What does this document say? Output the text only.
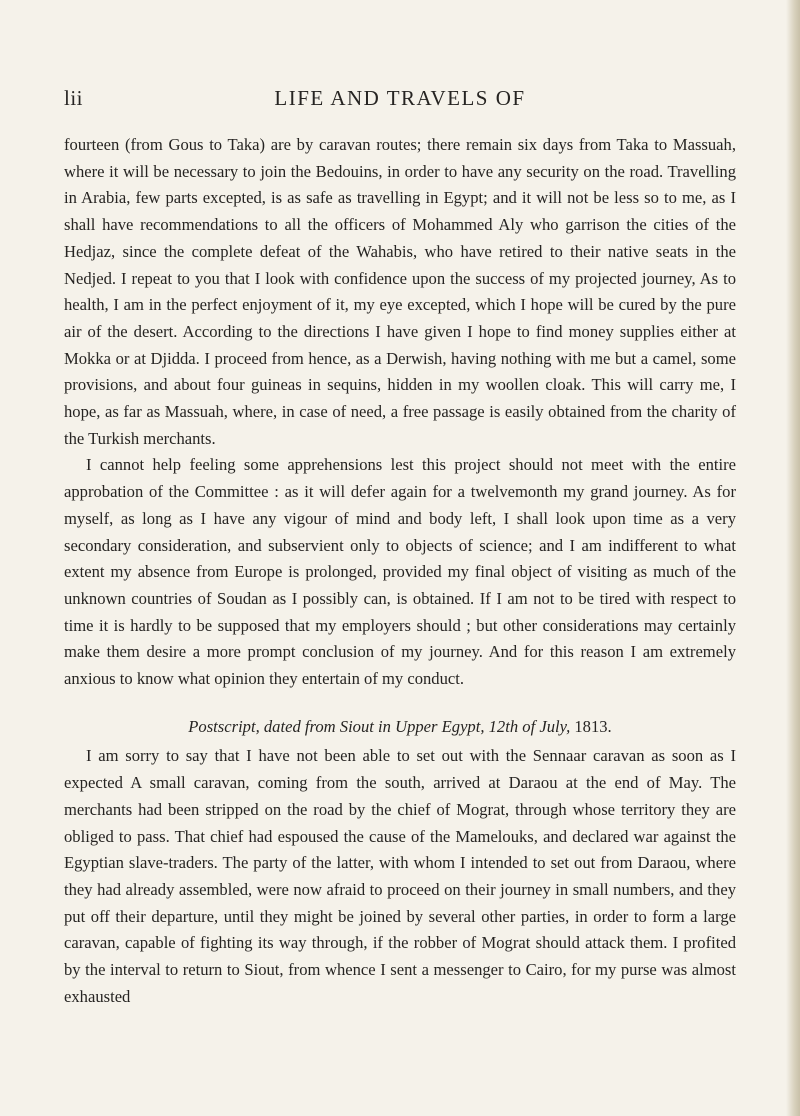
lii	LIFE AND TRAVELS OF

fourteen (from Gous to Taka) are by caravan routes; there remain six days from Taka to Massuah, where it will be necessary to join the Bedouins, in order to have any security on the road. Travelling in Arabia, few parts excepted, is as safe as travelling in Egypt; and it will not be less so to me, as I shall have recommendations to all the officers of Mohammed Aly who garrison the cities of the Hedjaz, since the complete defeat of the Wahabis, who have retired to their native seats in the Nedjed. I repeat to you that I look with confidence upon the success of my projected journey, As to health, I am in the perfect enjoyment of it, my eye excepted, which I hope will be cured by the pure air of the desert. According to the directions I have given I hope to find money supplies either at Mokka or at Djidda. I proceed from hence, as a Derwish, having nothing with me but a camel, some provisions, and about four guineas in sequins, hidden in my woollen cloak. This will carry me, I hope, as far as Massuah, where, in case of need, a free passage is easily obtained from the charity of the Turkish merchants.

I cannot help feeling some apprehensions lest this project should not meet with the entire approbation of the Committee : as it will defer again for a twelvemonth my grand journey. As for myself, as long as I have any vigour of mind and body left, I shall look upon time as a very secondary consideration, and subservient only to objects of science; and I am indifferent to what extent my absence from Europe is prolonged, provided my final object of visiting as much of the unknown countries of Soudan as I possibly can, is obtained. If I am not to be tired with respect to time it is hardly to be supposed that my employers should ; but other considerations may certainly make them desire a more prompt conclusion of my journey. And for this reason I am extremely anxious to know what opinion they entertain of my conduct.

Postscript, dated from Siout in Upper Egypt, 12th of July, 1813.

I am sorry to say that I have not been able to set out with the Sennaar caravan as soon as I expected A small caravan, coming from the south, arrived at Daraou at the end of May. The merchants had been stripped on the road by the chief of Mograt, through whose territory they are obliged to pass. That chief had espoused the cause of the Mamelouks, and declared war against the Egyptian slave-traders. The party of the latter, with whom I intended to set out from Daraou, where they had already assembled, were now afraid to proceed on their journey in small numbers, and they put off their departure, until they might be joined by several other parties, in order to form a large caravan, capable of fighting its way through, if the robber of Mograt should attack them. I profited by the interval to return to Siout, from whence I sent a messenger to Cairo, for my purse was almost exhausted
